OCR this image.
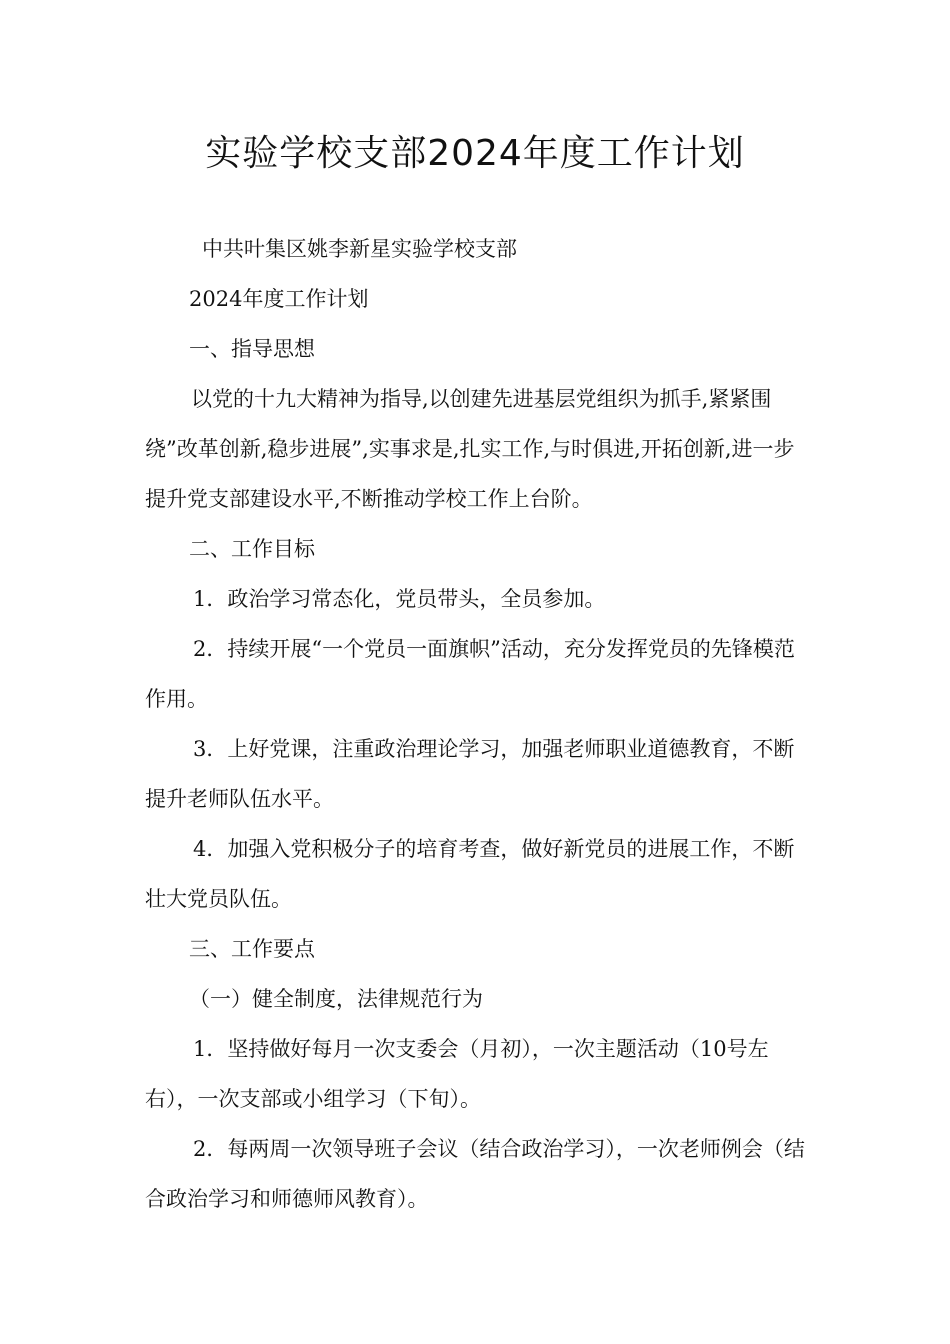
实验学校支部2024年度工作计划

中共叶集区姚李新星实验学校支部

2024年度工作计划

一、指导思想

以党的十九大精神为指导,以创建先进基层党组织为抓手,紧紧围绕”改革创新,稳步进展”,实事求是,扎实工作,与时俱进,开拓创新,进一步提升党支部建设水平,不断推动学校工作上台阶。

二、工作目标

1．政治学习常态化，党员带头，全员参加。

2．持续开展“一个党员一面旗帜”活动，充分发挥党员的先锋模范作用。

3．上好党课，注重政治理论学习，加强老师职业道德教育，不断提升老师队伍水平。

4．加强入党积极分子的培育考查，做好新党员的进展工作，不断壮大党员队伍。

三、工作要点

（一）健全制度，法律规范行为

1．坚持做好每月一次支委会（月初），一次主题活动（10号左右），一次支部或小组学习（下旬）。

2．每两周一次领导班子会议（结合政治学习），一次老师例会（结合政治学习和师德师风教育）。
